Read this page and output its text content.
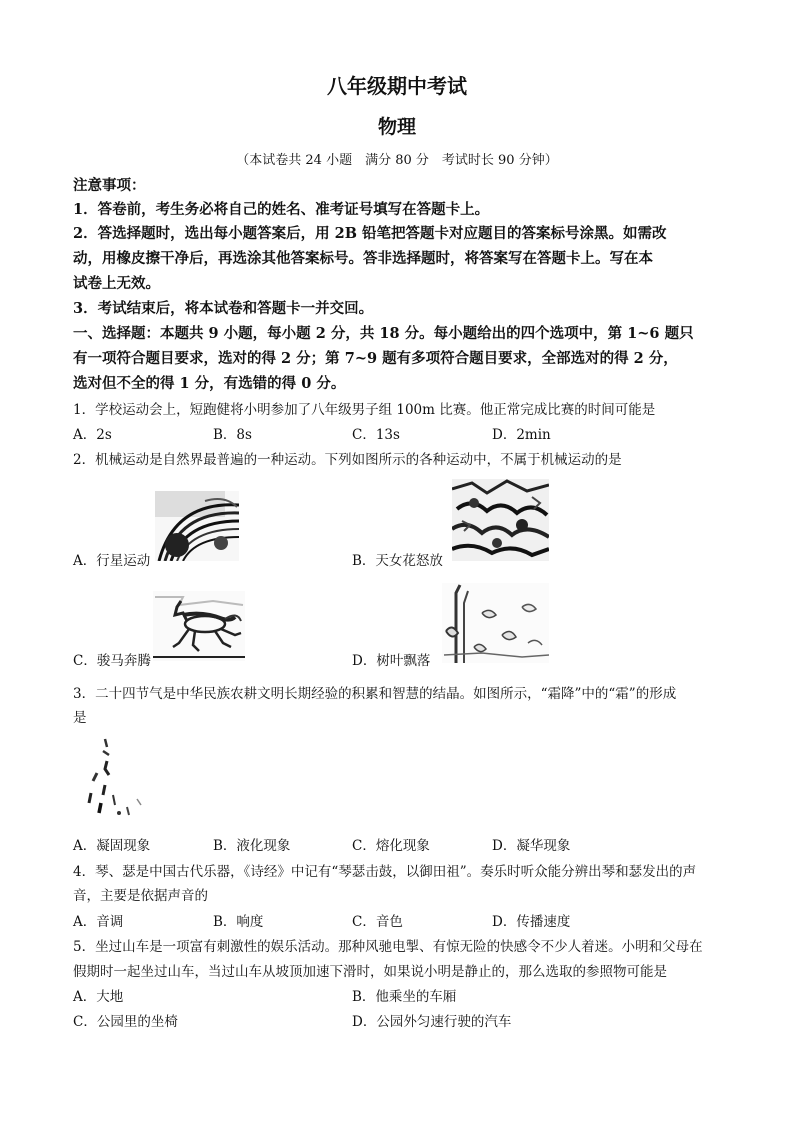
八年级期中考试
物理
（本试卷共 24 小题　满分 80 分　考试时长 90 分钟）
注意事项：
1．答卷前，考生务必将自己的姓名、准考证号填写在答题卡上。
2．答选择题时，选出每小题答案后，用 2B 铅笔把答题卡对应题目的答案标号涂黑。如需改
动，用橡皮擦干净后，再选涂其他答案标号。答非选择题时，将答案写在答题卡上。写在本
试卷上无效。
3．考试结束后，将本试卷和答题卡一并交回。
一、选择题：本题共 9 小题，每小题 2 分，共 18 分。每小题给出的四个选项中，第 1~6 题只
有一项符合题目要求，选对的得 2 分；第 7~9 题有多项符合题目要求，全部选对的得 2 分，
选对但不全的得 1 分，有选错的得 0 分。
1．学校运动会上，短跑健将小明参加了八年级男子组 100m 比赛。他正常完成比赛的时间可能是
A．2s	B．8s	C．13s	D．2min
2．机械运动是自然界最普遍的一种运动。下列如图所示的各种运动中，不属于机械运动的是
A．行星运动	B．天女花怒放
C．骏马奔腾	D．树叶飘落
3．二十四节气是中华民族农耕文明长期经验的积累和智慧的结晶。如图所示，“霜降”中的“霜”的形成
是
A．凝固现象	B．液化现象	C．熔化现象	D．凝华现象
4．琴、瑟是中国古代乐器，《诗经》中记有“琴瑟击鼓，以御田祖”。奏乐时听众能分辨出琴和瑟发出的声
音，主要是依据声音的
A．音调	B．响度	C．音色	D．传播速度
5．坐过山车是一项富有刺激性的娱乐活动。那种风驰电掣、有惊无险的快感令不少人着迷。小明和父母在
假期时一起坐过山车，当过山车从坡顶加速下滑时，如果说小明是静止的，那么选取的参照物可能是
A．大地	B．他乘坐的车厢
C．公园里的坐椅	D．公园外匀速行驶的汽车
